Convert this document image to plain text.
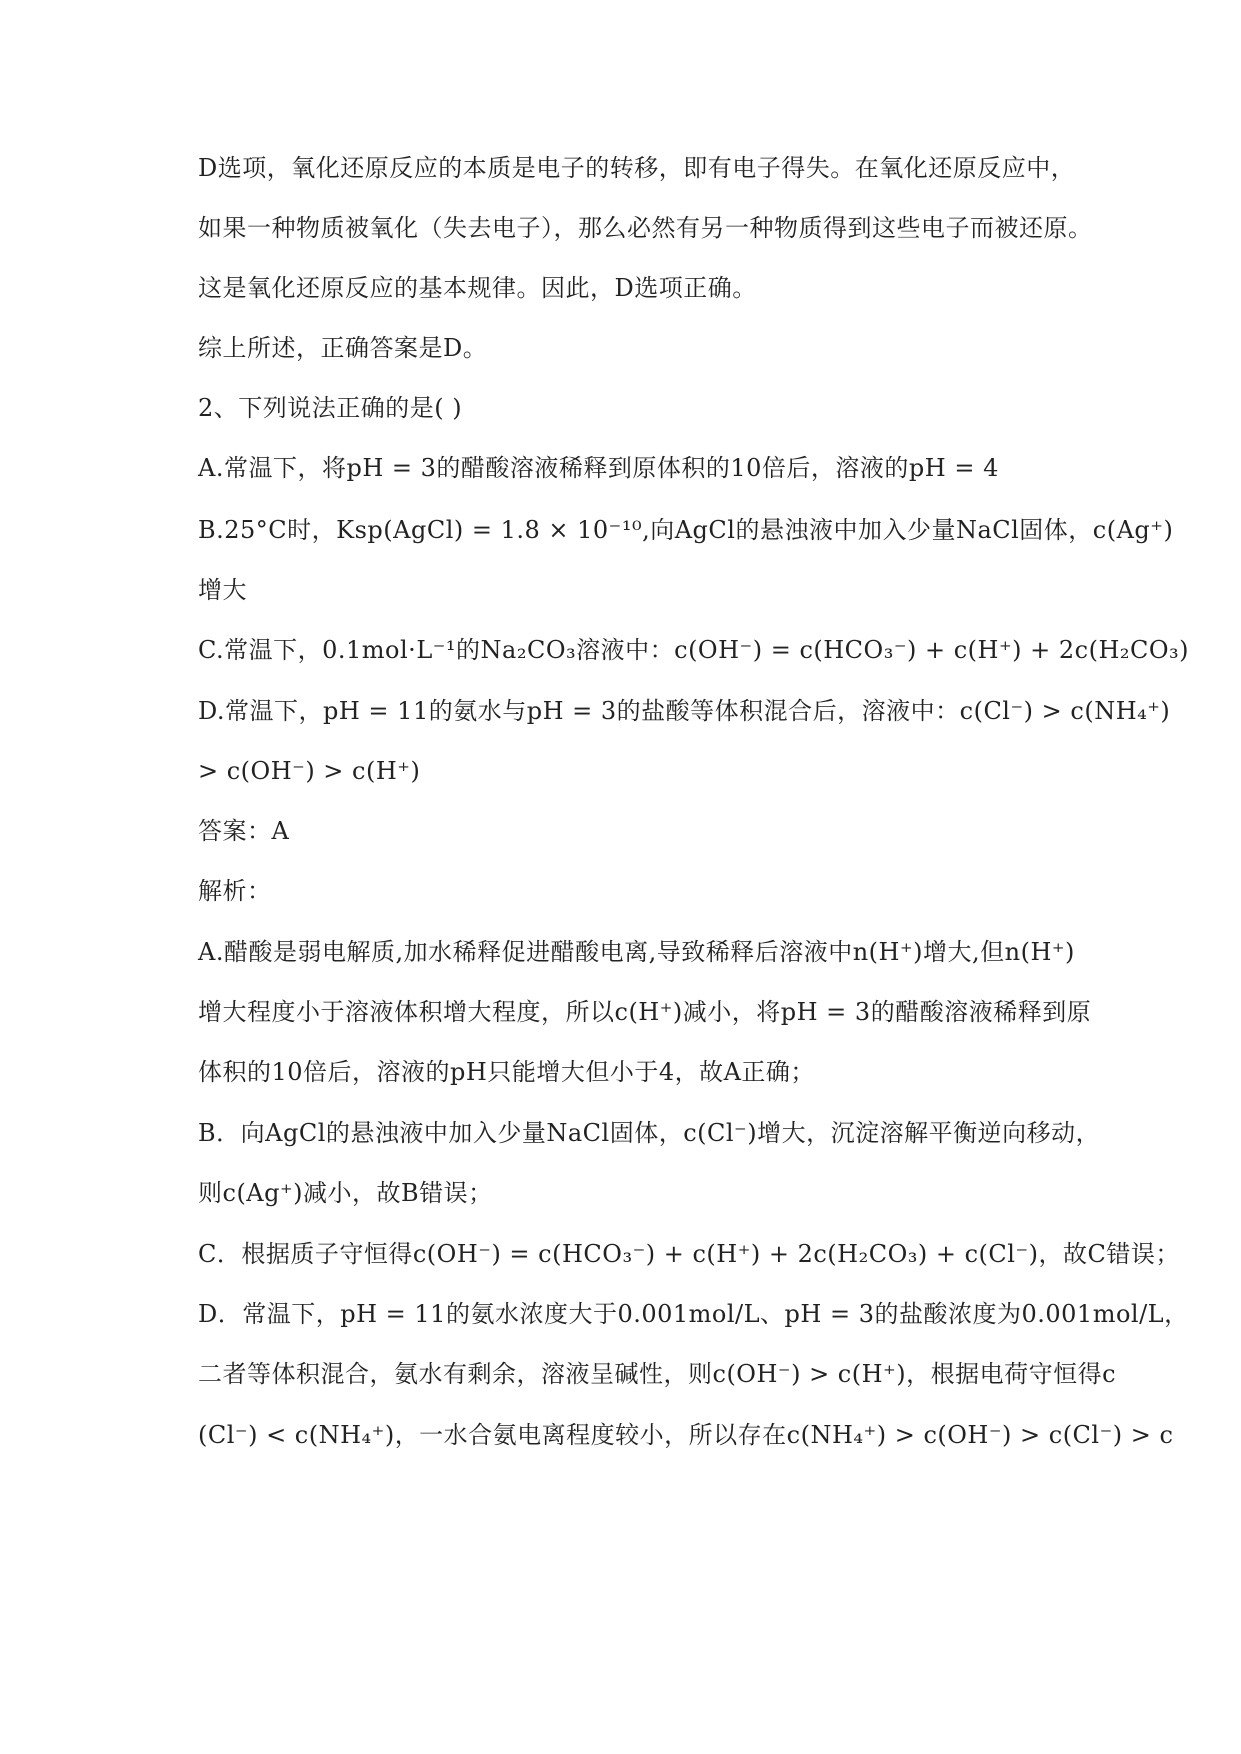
D选项，氧化还原反应的本质是电子的转移，即有电子得失。在氧化还原反应中，
如果一种物质被氧化（失去电子），那么必然有另一种物质得到这些电子而被还原。
这是氧化还原反应的基本规律。因此，D选项正确。
综上所述，正确答案是D。
2、下列说法正确的是( )
A.常温下，将pH = 3的醋酸溶液稀释到原体积的10倍后，溶液的pH = 4
B.25°C时，Ksp(AgCl) = 1.8 × 10⁻¹⁰,向AgCl的悬浊液中加入少量NaCl固体，c(Ag⁺)
增大
C.常温下，0.1mol·L⁻¹的Na₂CO₃溶液中：c(OH⁻) = c(HCO₃⁻) + c(H⁺) + 2c(H₂CO₃)
D.常温下，pH = 11的氨水与pH = 3的盐酸等体积混合后，溶液中：c(Cl⁻) > c(NH₄⁺)
> c(OH⁻) > c(H⁺)
答案：A
解析：
A.醋酸是弱电解质,加水稀释促进醋酸电离,导致稀释后溶液中n(H⁺)增大,但n(H⁺)
增大程度小于溶液体积增大程度，所以c(H⁺)减小，将pH = 3的醋酸溶液稀释到原
体积的10倍后，溶液的pH只能增大但小于4，故A正确；
B．向AgCl的悬浊液中加入少量NaCl固体，c(Cl⁻)增大，沉淀溶解平衡逆向移动，
则c(Ag⁺)减小，故B错误；
C．根据质子守恒得c(OH⁻) = c(HCO₃⁻) + c(H⁺) + 2c(H₂CO₃) + c(Cl⁻)，故C错误；
D．常温下，pH = 11的氨水浓度大于0.001mol/L、pH = 3的盐酸浓度为0.001mol/L，
二者等体积混合，氨水有剩余，溶液呈碱性，则c(OH⁻) > c(H⁺)，根据电荷守恒得c
(Cl⁻) < c(NH₄⁺)，一水合氨电离程度较小，所以存在c(NH₄⁺) > c(OH⁻) > c(Cl⁻) > c
